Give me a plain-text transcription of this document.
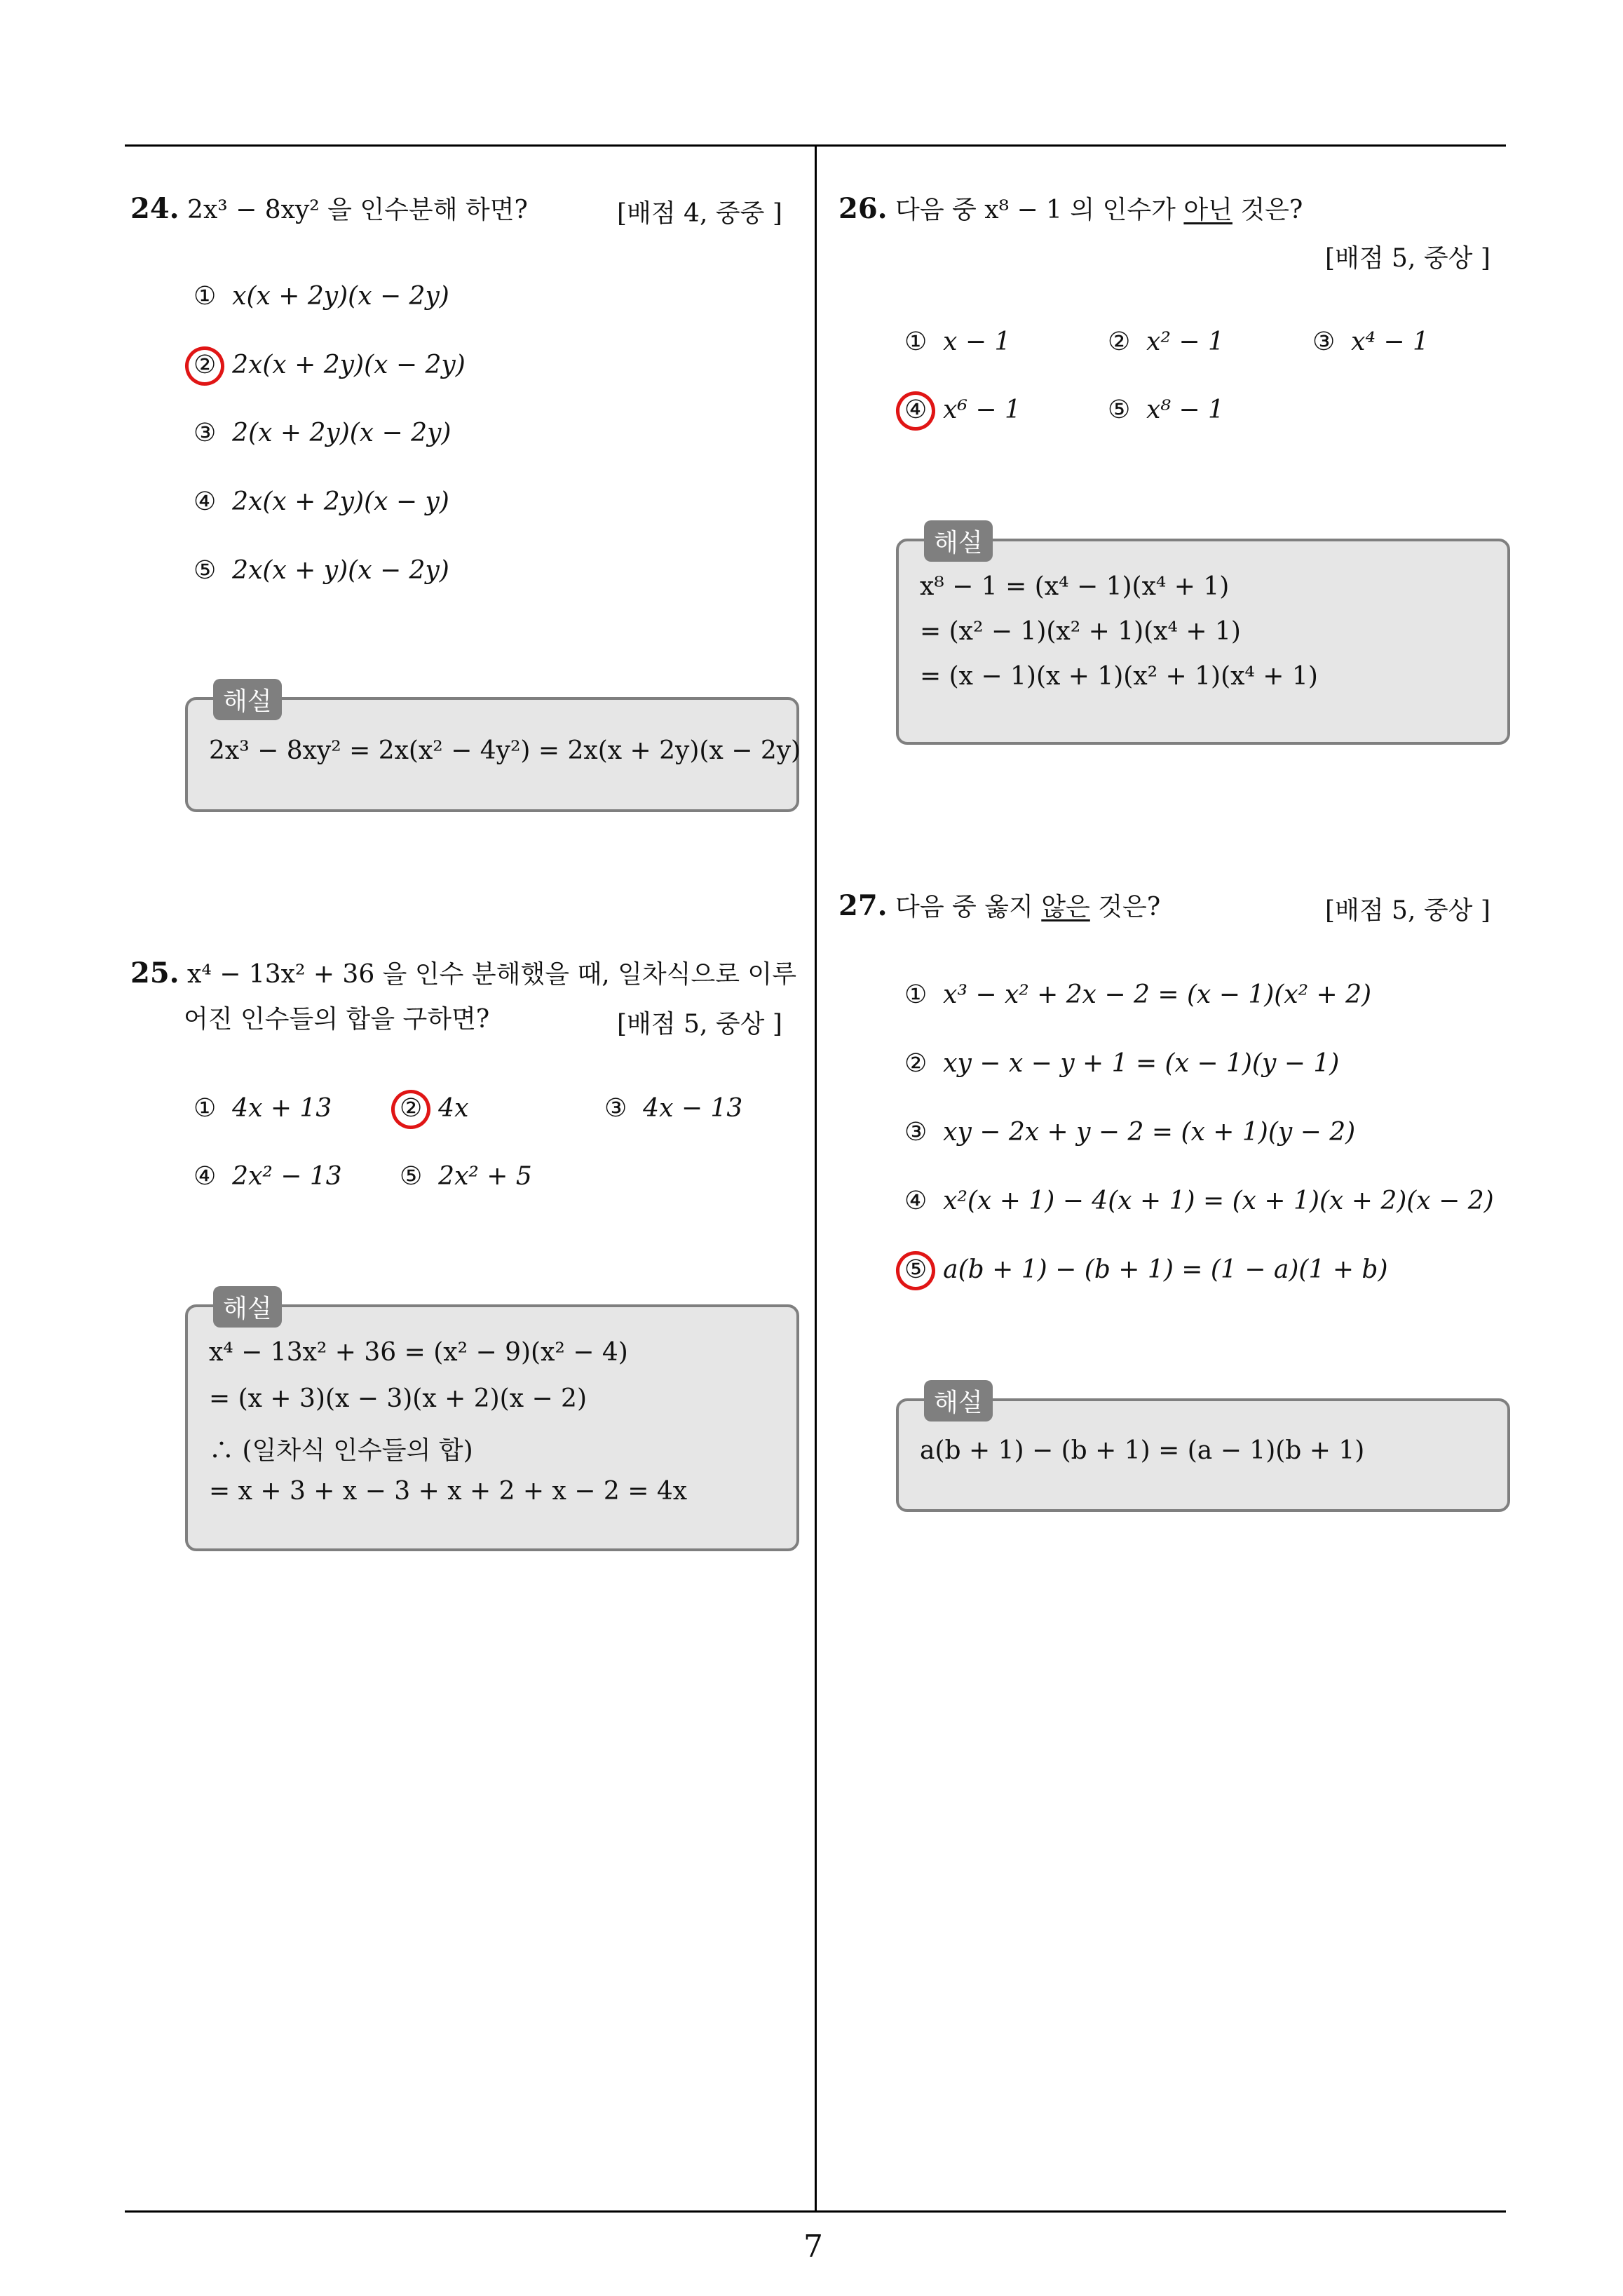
24. 2x³ − 8xy² 을 인수분해 하면?	[배점 4, 중중 ]
① x(x + 2y)(x − 2y)
② 2x(x + 2y)(x − 2y)
③ 2(x + 2y)(x − 2y)
④ 2x(x + 2y)(x − y)
⑤ 2x(x + y)(x − 2y)
해설
2x³ − 8xy² = 2x(x² − 4y²) = 2x(x + 2y)(x − 2y)
25. x⁴ − 13x² + 36 을 인수 분해했을 때, 일차식으로 이루
어진 인수들의 합을 구하면?	[배점 5, 중상 ]
① 4x + 13	② 4x	③ 4x − 13
④ 2x² − 13 ⑤ 2x² + 5
해설
x⁴ − 13x² + 36 = (x² − 9)(x² − 4)
= (x + 3)(x − 3)(x + 2)(x − 2)
∴ (일차식 인수들의 합)
= x + 3 + x − 3 + x + 2 + x − 2 = 4x
26. 다음 중 x⁸ − 1 의 인수가 아닌 것은?
[배점 5, 중상 ]
① x − 1	② x² − 1	③ x⁴ − 1
④ x⁶ − 1	⑤ x⁸ − 1
해설
x⁸ − 1 = (x⁴ − 1)(x⁴ + 1)
= (x² − 1)(x² + 1)(x⁴ + 1)
= (x − 1)(x + 1)(x² + 1)(x⁴ + 1)
27. 다음 중 옳지 않은 것은?	[배점 5, 중상 ]
① x³ − x² + 2x − 2 = (x − 1)(x² + 2)
② xy − x − y + 1 = (x − 1)(y − 1)
③ xy − 2x + y − 2 = (x + 1)(y − 2)
④ x²(x + 1) − 4(x + 1) = (x + 1)(x + 2)(x − 2)
⑤ a(b + 1) − (b + 1) = (1 − a)(1 + b)
해설
a(b + 1) − (b + 1) = (a − 1)(b + 1)
7
